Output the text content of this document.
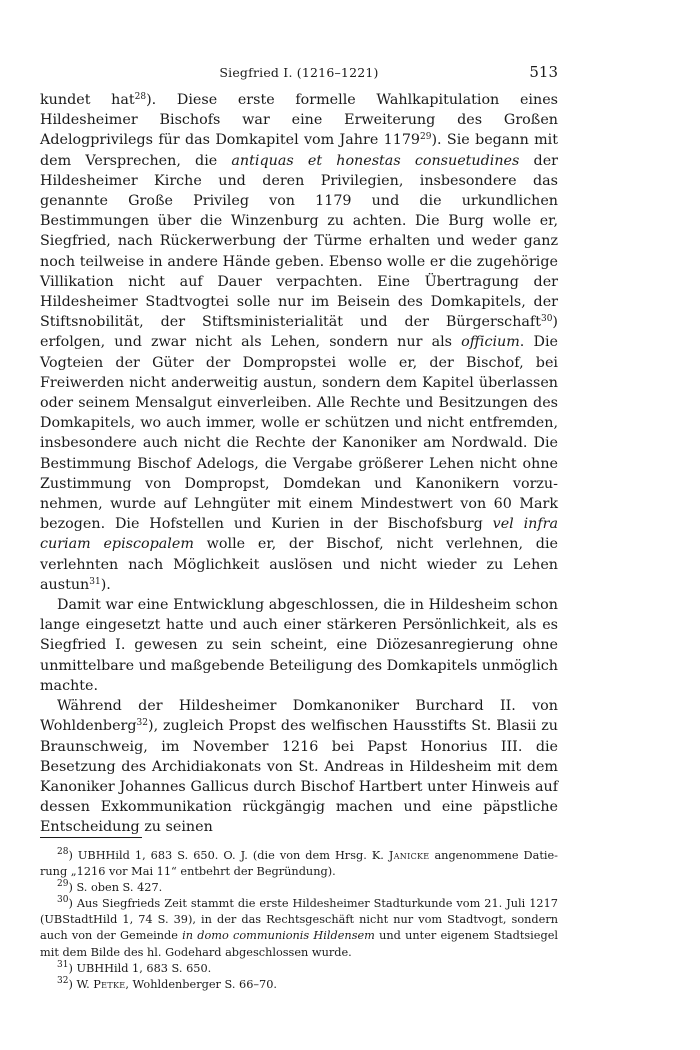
Siegfried I. (1216–1221)	513

kundet hat$^{28}$). Diese erste formelle Wahlkapitulation eines Hildesheimer Bischofs war eine Erweiterung des Großen Adelogprivilegs für das Domkapitel vom Jahre 1179$^{29}$). Sie begann mit dem Versprechen, die antiquas et honestas consuetudines der Hildesheimer Kirche und deren Privilegien, insbesondere das genannte Große Privileg von 1179 und die urkundlichen Bestimmungen über die Winzenburg zu achten. Die Burg wolle er, Siegfried, nach Rückerwerbung der Türme erhalten und weder ganz noch teilweise in andere Hände geben. Ebenso wolle er die zugehörige Villikation nicht auf Dauer verpachten. Eine Übertragung der Hildesheimer Stadtvogtei solle nur im Beisein des Domkapitels, der Stiftsnobilität, der Stiftsministerialität und der Bürgerschaft$^{30}$) erfolgen, und zwar nicht als Lehen, sondern nur als officium. Die Vogteien der Güter der Dompropstei wolle er, der Bischof, bei Freiwerden nicht anderweitig austun, sondern dem Kapitel überlassen oder seinem Mensalgut einverleiben. Alle Rechte und Besitzungen des Domkapitels, wo auch immer, wolle er schützen und nicht entfremden, insbesondere auch nicht die Rechte der Kanoniker am Nordwald. Die Bestimmung Bischof Adelogs, die Vergabe größerer Lehen nicht ohne Zustimmung von Dompropst, Domdekan und Kanonikern vorzunehmen, wurde auf Lehngüter mit einem Mindestwert von 60 Mark bezogen. Die Hofstellen und Kurien in der Bischofsburg vel infra curiam episcopalem wolle er, der Bischof, nicht verlehnen, die verlehnten nach Möglichkeit auslösen und nicht wieder zu Lehen austun$^{31}$).

Damit war eine Entwicklung abgeschlossen, die in Hildesheim schon lange eingesetzt hatte und auch einer stärkeren Persönlichkeit, als es Siegfried I. gewesen zu sein scheint, eine Diözesanregierung ohne unmittelbare und maßgebende Beteiligung des Domkapitels unmöglich machte.

Während der Hildesheimer Domkanoniker Burchard II. von Wohldenberg$^{32}$), zugleich Propst des welfischen Hausstifts St. Blasii zu Braunschweig, im November 1216 bei Papst Honorius III. die Besetzung des Archidiakonats von St. Andreas in Hildesheim mit dem Kanoniker Johannes Gallicus durch Bischof Hartbert unter Hinweis auf dessen Exkommunikation rückgängig machen und eine päpstliche Entscheidung zu seinen

$^{28}$) UBHHild 1, 683 S. 650. O. J. (die von dem Hrsg. K. Janicke angenommene Datierung „1216 vor Mai 11“ entbehrt der Begründung).

$^{29}$) S. oben S. 427.

$^{30}$) Aus Siegfrieds Zeit stammt die erste Hildesheimer Stadturkunde vom 21. Juli 1217 (UBStadtHild 1, 74 S. 39), in der das Rechtsgeschäft nicht nur vom Stadtvogt, sondern auch von der Gemeinde in domo communionis Hildensem und unter eigenem Stadtsiegel mit dem Bilde des hl. Godehard abgeschlossen wurde.

$^{31}$) UBHHild 1, 683 S. 650.

$^{32}$) W. Petke, Wohldenberger S. 66–70.
